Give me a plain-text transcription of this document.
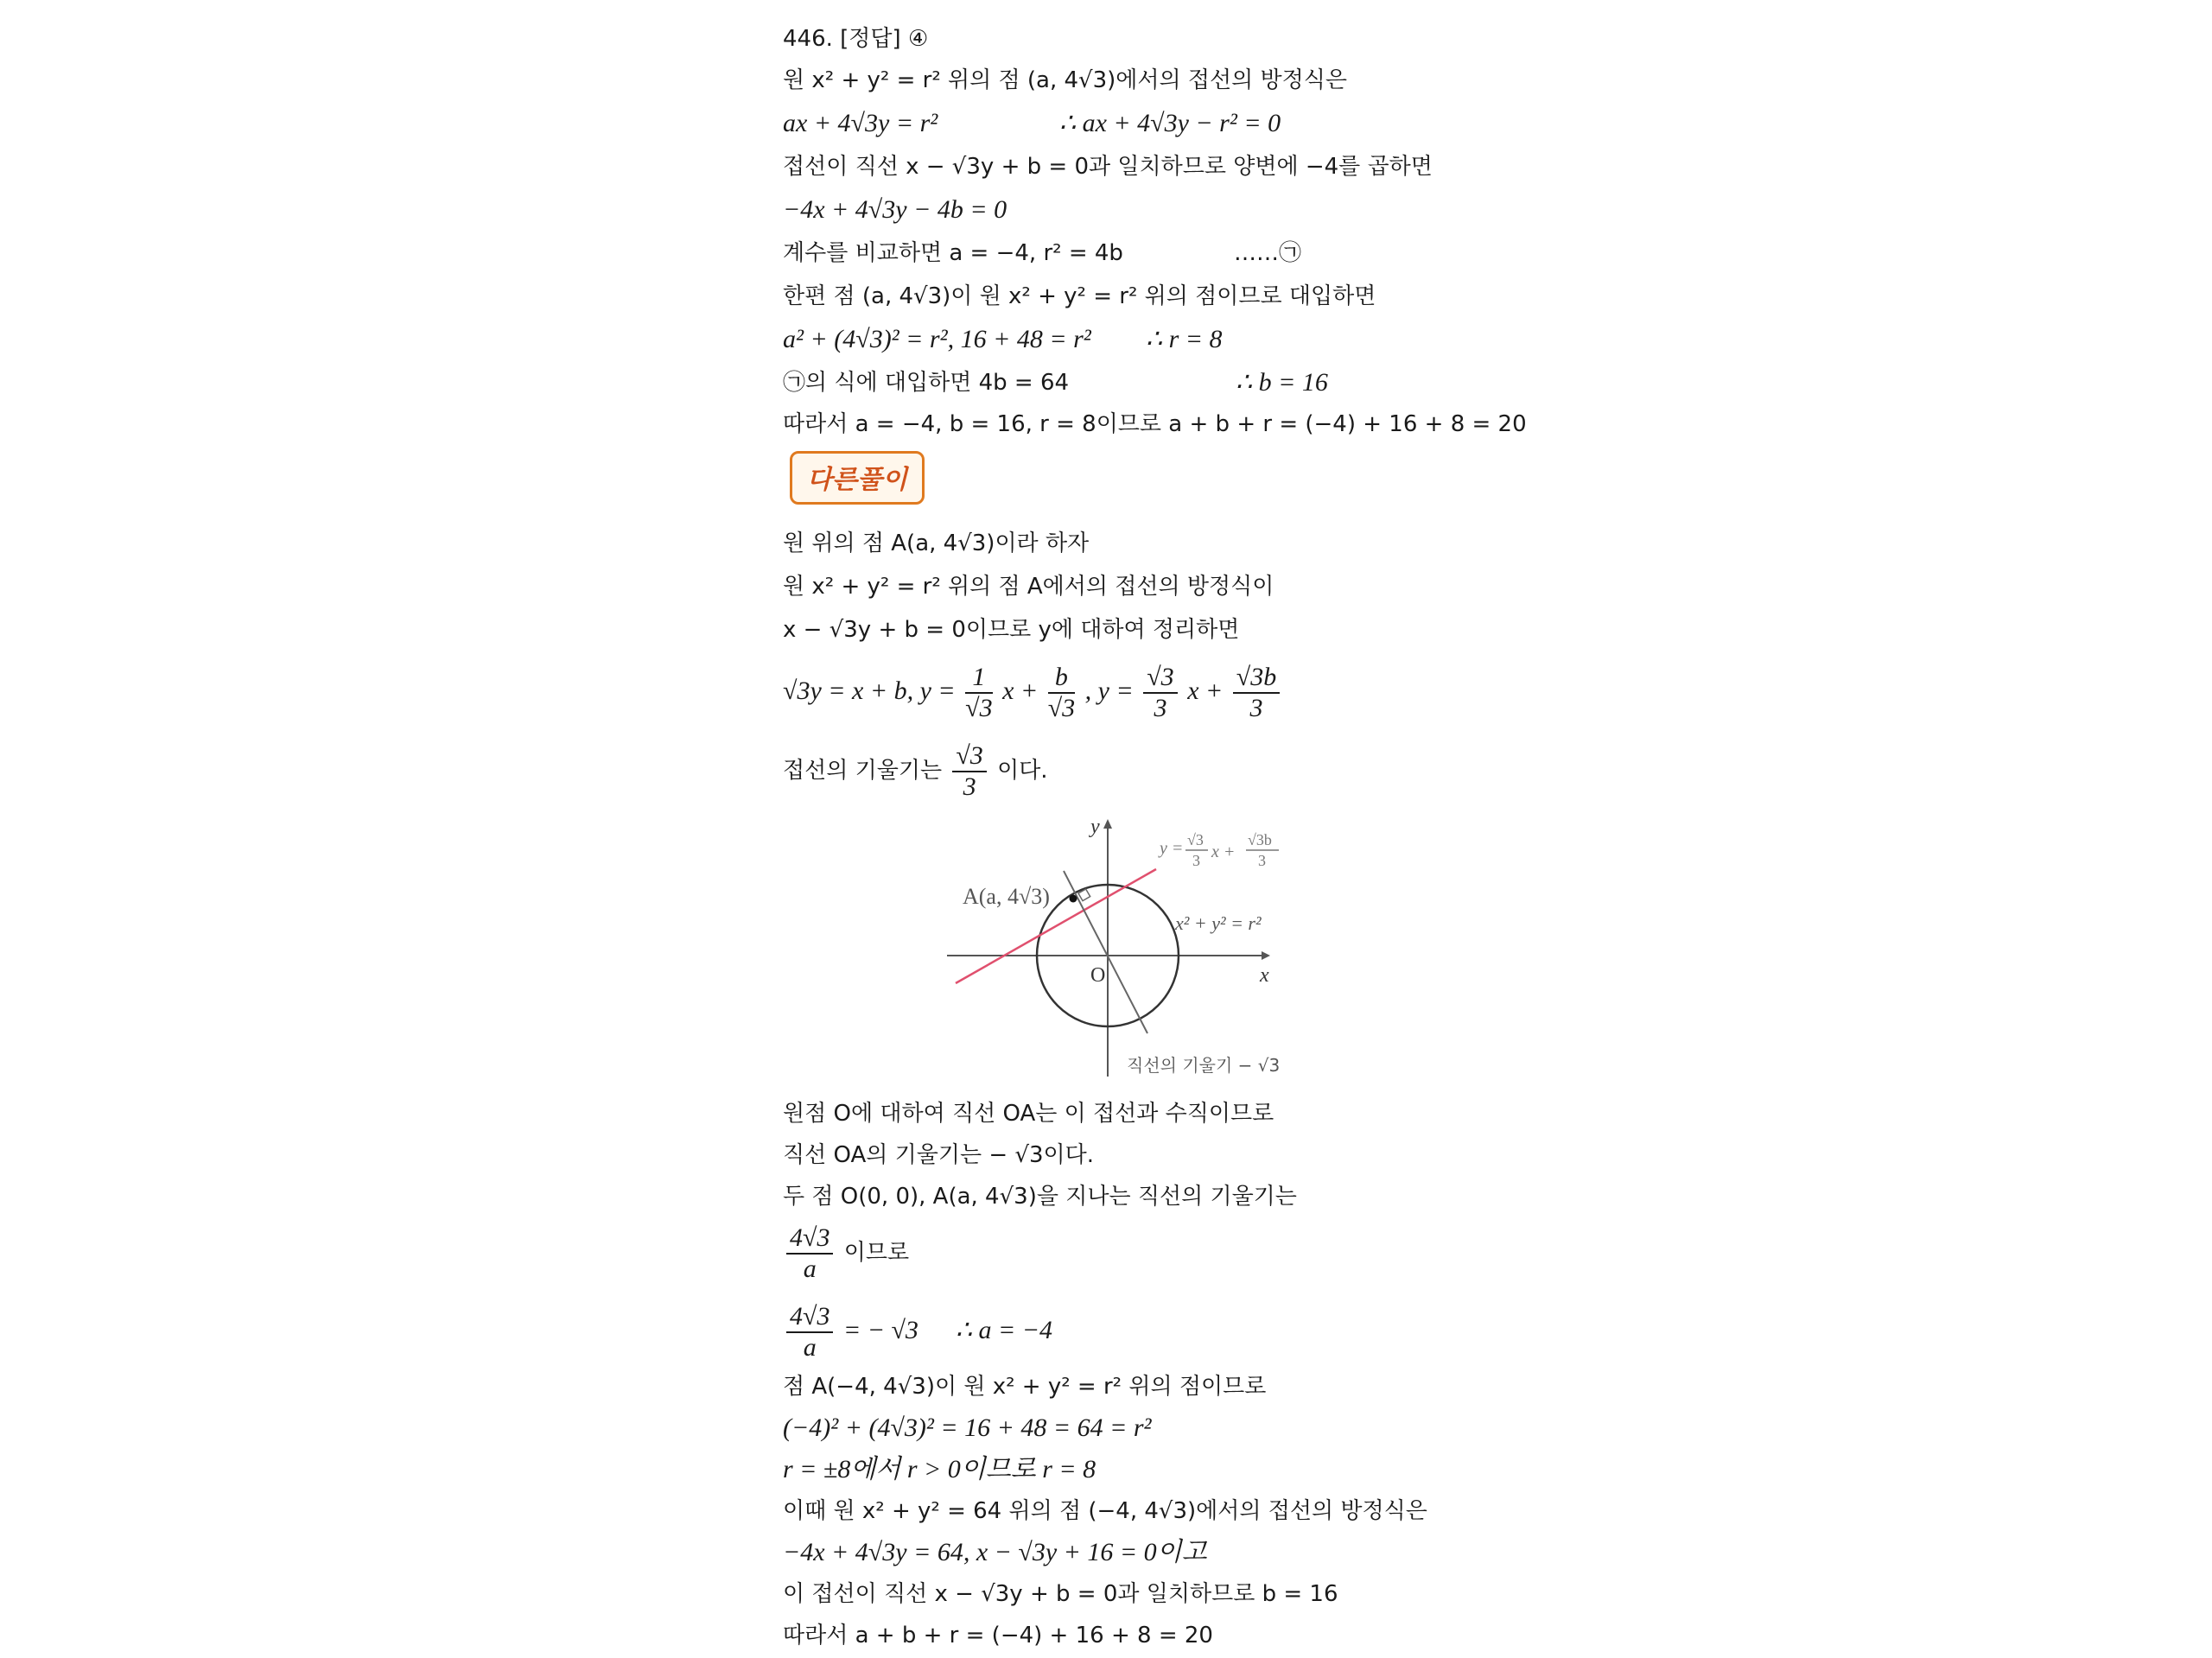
446. [정답] ④
원 x² + y² = r² 위의 점 (a, 4√3)에서의 접선의 방정식은
ax + 4√3y = r²	∴ ax + 4√3y − r² = 0
접선이 직선 x − √3y + b = 0과 일치하므로 양변에 −4를 곱하면
−4x + 4√3y − 4b = 0
계수를 비교하면 a = −4, r² = 4b	……㉠
한편 점 (a, 4√3)이 원 x² + y² = r² 위의 점이므로 대입하면
a² + (4√3)² = r², 16 + 48 = r² ∴ r = 8
㉠의 식에 대입하면 4b = 64	∴ b = 16
따라서 a = −4, b = 16, r = 8이므로 a + b + r = (−4) + 16 + 8 = 20
다른풀이
원 위의 점 A(a, 4√3)이라 하자
원 x² + y² = r² 위의 점 A에서의 접선의 방정식이
x − √3y + b = 0이므로 y에 대하여 정리하면
√3y = x + b, $y = \frac{1}{√3}$ $x + \frac{b}{√3}$ , $y = \frac{√3}{3}$ $x + \frac{√3b}{3}$
접선의 기울기는 $\frac{√3}{3}$ 이다.
y
x
O
A(a, 4√3)
x² + y² = r²
y = √3
3 x +
√3b
3
직선의 기울기 − √3
원점 O에 대하여 직선 OA는 이 접선과 수직이므로
직선 OA의 기울기는 − √3이다.
두 점 O(0, 0), A(a, 4√3)을 지나는 직선의 기울기는
$\frac{4√3}{a}$ 이므로
$\frac{4√3}{a}$ = − √3 ∴ a = −4
점 A(−4, 4√3)이 원 x² + y² = r² 위의 점이므로
(−4)² + (4√3)² = 16 + 48 = 64 = r²
r = ±8에서 r > 0이므로 r = 8
이때 원 x² + y² = 64 위의 점 (−4, 4√3)에서의 접선의 방정식은
−4x + 4√3y = 64, x − √3y + 16 = 0이고
이 접선이 직선 x − √3y + b = 0과 일치하므로 b = 16
따라서 a + b + r = (−4) + 16 + 8 = 20
